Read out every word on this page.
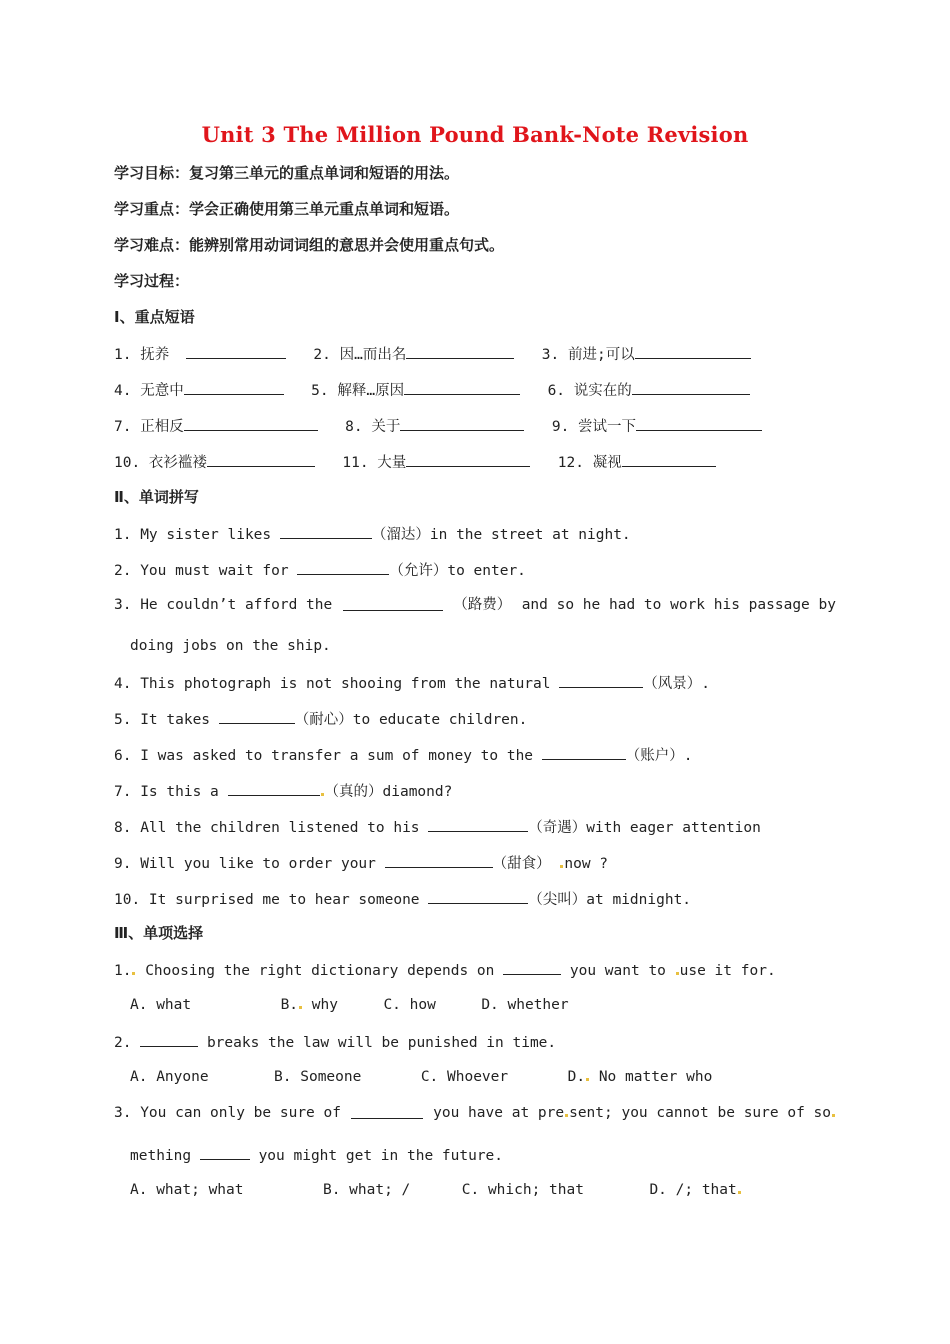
Unit 3 The Million Pound Bank-Note Revision
学习目标：复习第三单元的重点单词和短语的用法。
学习重点：学会正确使用第三单元重点单词和短语。
学习难点：能辨别常用动词词组的意思并会使用重点句式。
学习过程：
I、重点短语
1. 抚养	2. 因…而出名	3. 前进;可以
4. 无意中	5. 解释…原因	6. 说实在的
7. 正相反	8. 关于	9. 尝试一下
10. 衣衫褴褛	11. 大量	12. 凝视
Ⅱ、单词拼写
1. My sister likes	（溜达）in the street at night.
2. You must wait for	（允许）to enter.
3. He couldn’t afford the	（路费） and so he had to work his passage by
doing jobs on the ship.
4. This photograph is not shooing from the natural	（风景）.
5. It takes	（耐心）to educate children.
6. I was asked to transfer a sum of money to the	（账户）.
7. Is this a	（真的）diamond?
8. All the children listened to his	（奇遇）with eager attention
9. Will you like to order your	（甜食） now ?
10. It surprised me to hear someone	（尖叫）at midnight.
Ⅲ、单项选择
1. Choosing the right dictionary depends on	you want to use it for.
A. what	B. why	C. how	D. whether
2.	breaks the law will be punished in time.
A. Anyone	B. Someone	C. Whoever	D. No matter who
3. You can only be sure of	you have at pre sent; you cannot be sure of so
mething	you might get in the future.
A. what; what	B. what; /	C. which; that	D. /; that
